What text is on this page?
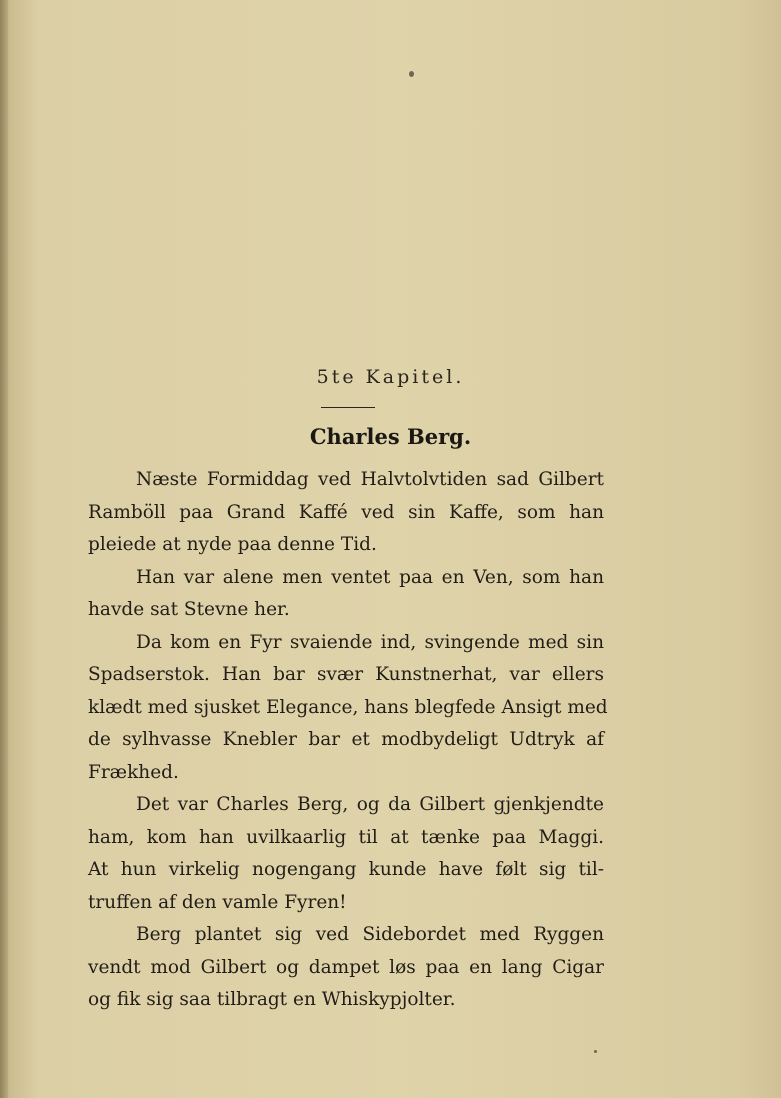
5te Kapitel.
Charles Berg.
Næste Formiddag ved Halvtolvtiden sad Gilbert
Ramböll paa Grand Kaffé ved sin Kaffe, som han
pleiede at nyde paa denne Tid.
Han var alene men ventet paa en Ven, som han
havde sat Stevne her.
Da kom en Fyr svaiende ind, svingende med sin
Spadserstok. Han bar svær Kunstnerhat, var ellers
klædt med sjusket Elegance, hans blegfede Ansigt med
de sylhvasse Knebler bar et modbydeligt Udtryk af
Frækhed.
Det var Charles Berg, og da Gilbert gjenkjendte
ham, kom han uvilkaarlig til at tænke paa Maggi.
At hun virkelig nogengang kunde have følt sig til-
truffen af den vamle Fyren!
Berg plantet sig ved Sidebordet med Ryggen
vendt mod Gilbert og dampet løs paa en lang Cigar
og fik sig saa tilbragt en Whiskypjolter.
